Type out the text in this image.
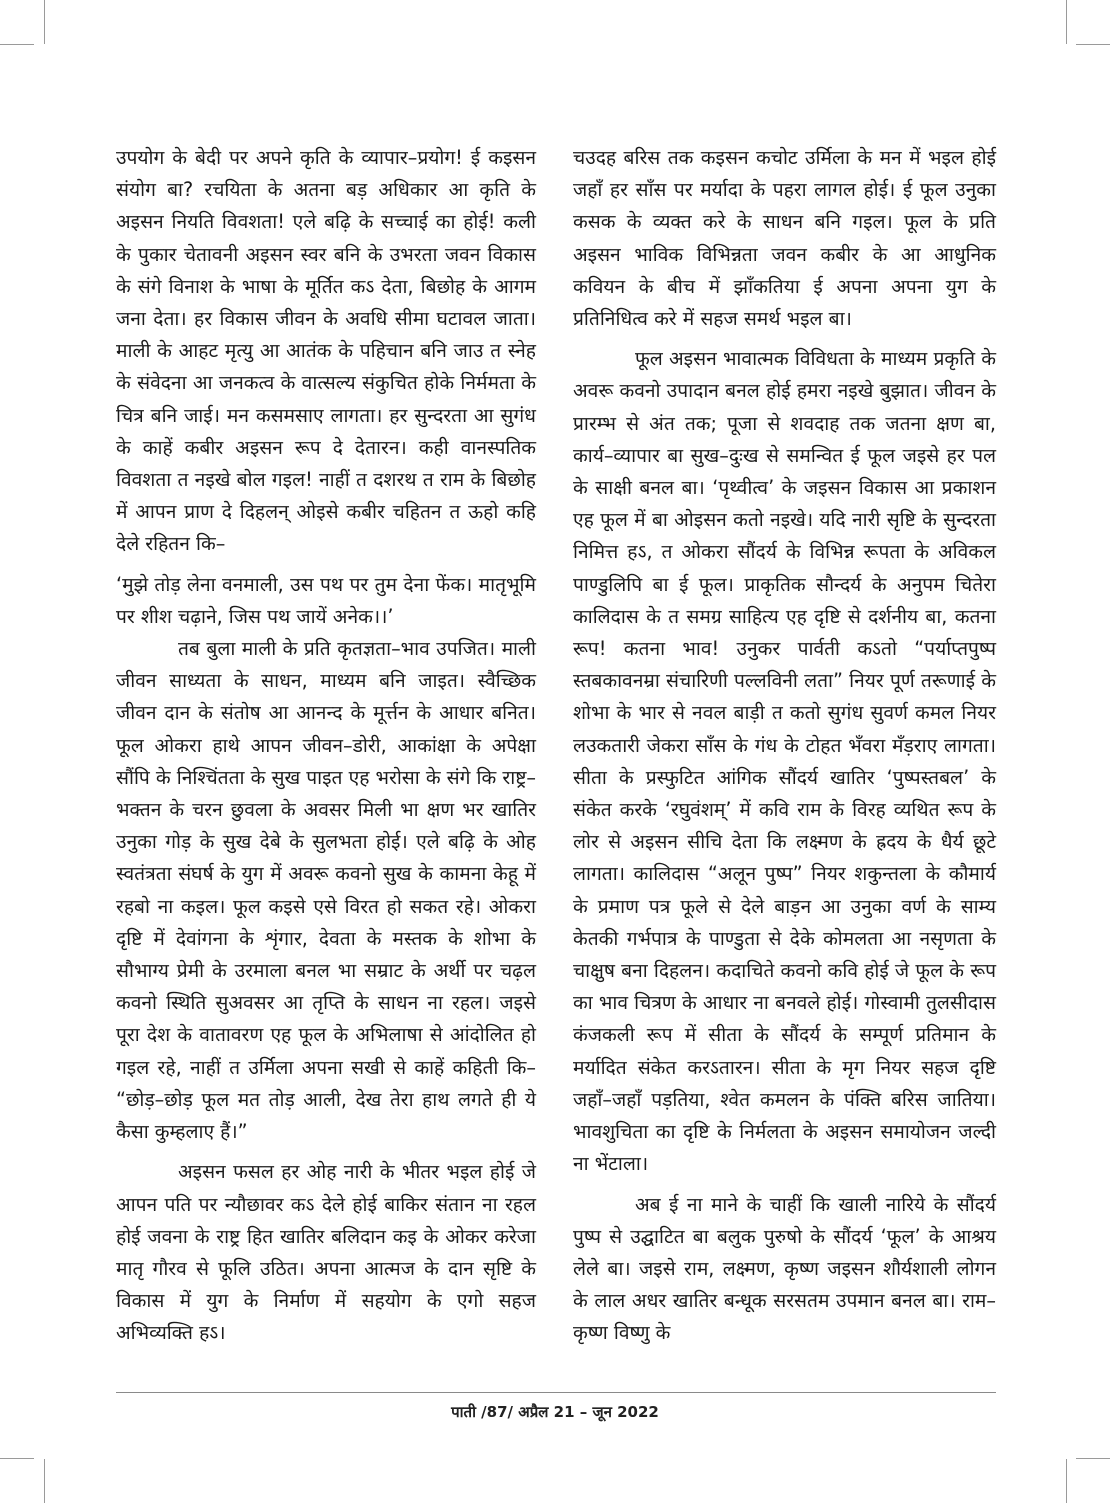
उपयोग के बेदी पर अपने कृति के व्यापार–प्रयोग! ई कइसन संयोग बा? रचयिता के अतना बड़ अधिकार आ कृति के अइसन नियति विवशता! एले बढ़ि के सच्चाई का होई! कली के पुकार चेतावनी अइसन स्वर बनि के उभरता जवन विकास के संगे विनाश के भाषा के मूर्तित कऽ देता, बिछोह के आगम जना देता। हर विकास जीवन के अवधि सीमा घटावल जाता। माली के आहट मृत्यु आ आतंक के पहिचान बनि जाउ त स्नेह के संवेदना आ जनकत्व के वात्सल्य संकुचित होके निर्ममता के चित्र बनि जाई। मन कसमसाए लागता। हर सुन्दरता आ सुगंध के काहें कबीर अइसन रूप दे देतारन। कही वानस्पतिक विवशता त नइखे बोल गइल! नाहीं त दशरथ त राम के बिछोह में आपन प्राण दे दिहलन् ओइसे कबीर चहितन त ऊहो कहि देले रहितन कि–

‘मुझे तोड़ लेना वनमाली, उस पथ पर तुम देना फेंक। मातृभूमि पर शीश चढ़ाने, जिस पथ जायें अनेक।।’

तब बुला माली के प्रति कृतज्ञता–भाव उपजित। माली जीवन साध्यता के साधन, माध्यम बनि जाइत। स्वैच्छिक जीवन दान के संतोष आ आनन्द के मूर्त्तन के आधार बनित। फूल ओकरा हाथे आपन जीवन–डोरी, आकांक्षा के अपेक्षा सौंपि के निश्चिंतता के सुख पाइत एह भरोसा के संगे कि राष्ट्र–भक्तन के चरन छुवला के अवसर मिली भा क्षण भर खातिर उनुका गोड़ के सुख देबे के सुलभता होई। एले बढ़ि के ओह स्वतंत्रता संघर्ष के युग में अवरू कवनो सुख के कामना केहू में रहबो ना कइल। फूल कइसे एसे विरत हो सकत रहे। ओकरा दृष्टि में देवांगना के शृंगार, देवता के मस्तक के शोभा के सौभाग्य प्रेमी के उरमाला बनल भा सम्राट के अर्थी पर चढ़ल कवनो स्थिति सुअवसर आ तृप्ति के साधन ना रहल। जइसे पूरा देश के वातावरण एह फूल के अभिलाषा से आंदोलित हो गइल रहे, नाहीं त उर्मिला अपना सखी से काहें कहिती कि– “छोड़–छोड़ फूल मत तोड़ आली, देख तेरा हाथ लगते ही ये कैसा कुम्हलाए हैं।”

अइसन फसल हर ओह नारी के भीतर भइल होई जे आपन पति पर न्यौछावर कऽ देले होई बाकिर संतान ना रहल होई जवना के राष्ट्र हित खातिर बलिदान कइ के ओकर करेजा मातृ गौरव से फूलि उठित। अपना आत्मज के दान सृष्टि के विकास में युग के निर्माण में सहयोग के एगो सहज अभिव्यक्ति हऽ।

चउदह बरिस तक कइसन कचोट उर्मिला के मन में भइल होई जहाँ हर साँस पर मर्यादा के पहरा लागल होई। ई फूल उनुका कसक के व्यक्त करे के साधन बनि गइल। फूल के प्रति अइसन भाविक विभिन्नता जवन कबीर के आ आधुनिक कवियन के बीच में झाँकतिया ई अपना अपना युग के प्रतिनिधित्व करे में सहज समर्थ भइल बा।

फूल अइसन भावात्मक विविधता के माध्यम प्रकृति के अवरू कवनो उपादान बनल होई हमरा नइखे बुझात। जीवन के प्रारम्भ से अंत तक; पूजा से शवदाह तक जतना क्षण बा, कार्य–व्यापार बा सुख–दुःख से समन्वित ई फूल जइसे हर पल के साक्षी बनल बा। ‘पृथ्वीत्व’ के जइसन विकास आ प्रकाशन एह फूल में बा ओइसन कतो नइखे। यदि नारी सृष्टि के सुन्दरता निमित्त हऽ, त ओकरा सौंदर्य के विभिन्न रूपता के अविकल पाण्डुलिपि बा ई फूल। प्राकृतिक सौन्दर्य के अनुपम चितेरा कालिदास के त समग्र साहित्य एह दृष्टि से दर्शनीय बा, कतना रूप! कतना भाव! उनुकर पार्वती कऽतो “पर्याप्तपुष्प स्तबकावनम्रा संचारिणी पल्लविनी लता” नियर पूर्ण तरूणाई के शोभा के भार से नवल बाड़ी त कतो सुगंध सुवर्ण कमल नियर लउकतारी जेकरा साँस के गंध के टोहत भँवरा मँड़राए लागता। सीता के प्रस्फुटित आंगिक सौंदर्य खातिर ‘पुष्पस्तबल’ के संकेत करके ‘रघुवंशम्’ में कवि राम के विरह व्यथित रूप के लोर से अइसन सीचि देता कि लक्ष्मण के ह्रदय के धैर्य छूटे लागता। कालिदास “अलून पुष्प” नियर शकुन्तला के कौमार्य के प्रमाण पत्र फूले से देले बाड़न आ उनुका वर्ण के साम्य केतकी गर्भपात्र के पाण्डुता से देके कोमलता आ नसृणता के चाक्षुष बना दिहलन। कदाचिते कवनो कवि होई जे फूल के रूप का भाव चित्रण के आधार ना बनवले होई। गोस्वामी तुलसीदास कंजकली रूप में सीता के सौंदर्य के सम्पूर्ण प्रतिमान के मर्यादित संकेत करऽतारन। सीता के मृग नियर सहज दृष्टि जहाँ–जहाँ पड़तिया, श्वेत कमलन के पंक्ति बरिस जातिया। भावशुचिता का दृष्टि के निर्मलता के अइसन समायोजन जल्दी ना भेंटाला।

अब ई ना माने के चाहीं कि खाली नारिये के सौंदर्य पुष्प से उद्घाटित बा बलुक पुरुषो के सौंदर्य ‘फूल’ के आश्रय लेले बा। जइसे राम, लक्ष्मण, कृष्ण जइसन शौर्यशाली लोगन के लाल अधर खातिर बन्धूक सरसतम उपमान बनल बा। राम–कृष्ण विष्णु के

पाती /87/ अप्रैल 21 – जून 2022
